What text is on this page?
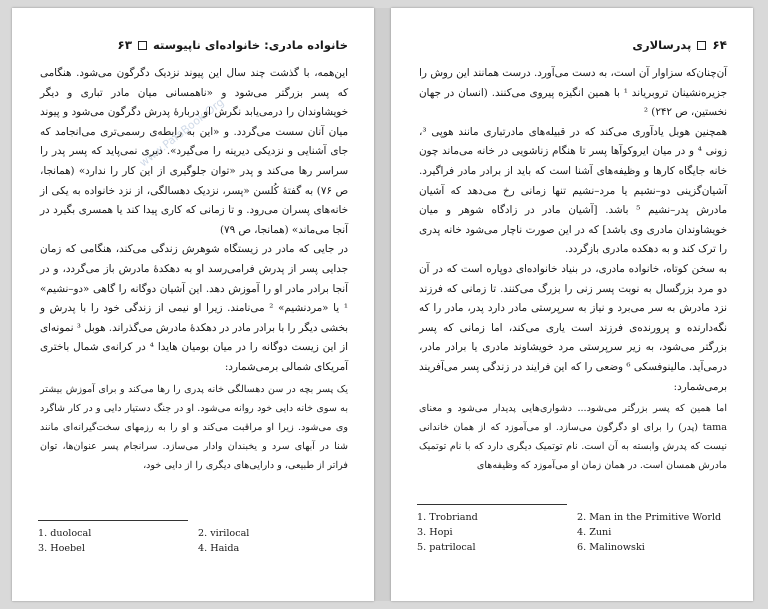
خانواده مادری: خانواده‌ای ناپیوسته
۶۳
www.ParsBook.Org

این‌همه، با گذشت چند سال این پیوند نزدیک دگرگون می‌شود. هنگامی که پسر بزرگتر می‌شود و «ناهمسانی میان مادر تباری و دیگر خویشاوندان را درمی‌یابد نگرش او دربارهٔ پدرش دگرگون می‌شود و پیوند میان آنان سست می‌گردد. و «این به رابطه‌ی رسمی‌تری می‌انجامد که جای آشنایی و نزدیکی دیرینه را می‌گیرد». دیری نمی‌پاید که پسر پدر را سراسر رها می‌کند و پدر «توان جلوگیری از این کار را ندارد» (همانجا، ص ۷۶) به گفتهٔ کُلسن «پسر، نزدیک دهسالگی، از نزد خانواده به یکی از خانه‌های پسران می‌رود. و تا زمانی که کاری پیدا کند یا همسری بگیرد در آنجا می‌ماند» (همانجا، ص ۷۹)

در جایی که مادر در زیستگاه شوهرش زندگی می‌کند، هنگامی که زمان جدایی پسر از پدرش فرامی‌رسد او به دهکدهٔ مادرش باز می‌گردد، و در آنجا برادر مادر او را آموزش دهد. این آشیان دوگانه را گاهی «دو–نشیم» ¹ یا «مردنشیم» ² می‌نامند. زیرا او نیمی از زندگی خود را با پدرش و بخشی دیگر را با برادر مادر در دهکدهٔ مادرش می‌گذراند. هوبل ³ نمونه‌ای از این زیست دوگانه را در میان بومیان هایدا ⁴ در کرانه‌ی شمال باختری آمریکای شمالی برمی‌شمارد:

یک پسر بچه در سن دهسالگی خانه پدری را رها می‌کند و برای آموزش بیشتر به سوی خانه دایی خود روانه می‌شود. او در جنگ دستیار دایی و در کار شاگرد وی می‌شود. زیرا او مراقبت می‌کند و او را به رزمهای سخت‌گیرانه‌ای مانند شنا در آبهای سرد و یخبندان وادار می‌سازد. سرانجام پسر عنوان‌ها، توان فراتر از طبیعی، و دارایی‌های دیگری را از دایی خود،

1. duolocal	2. virilocal
3. Hoebel	4. Haida
۶۴
پدرسالاری

آن‌چنان‌که سزاوار آن است، به دست می‌آورد. درست همانند این روش را جزیره‌نشینان تروبریاند ¹ با همین انگیزه پیروی می‌کنند. (انسان در جهان نخستین، ص ۲۴۲) ²

همچنین هوبل یادآوری می‌کند که در قبیله‌های مادرتباری مانند هوپی ³، زونی ⁴ و در میان ایروکوآها پسر تا هنگام زناشویی در خانه می‌ماند چون خانه جایگاه کارها و وظیفه‌های آشنا است که باید از برادر مادر فراگیرد. آشیان‌گزینی دو–نشیم یا مرد–نشیم تنها زمانی رخ می‌دهد که آشیان مادرش پدر–نشیم ⁵ باشد. [آشیان مادر در زادگاه شوهر و میان خویشاوندان مادری وی باشد] که در این صورت ناچار می‌شود خانه پدری را ترک کند و به دهکده مادری بازگردد.

به سخن کوتاه، خانواده مادری، در بنیاد خانواده‌ای دوپاره است که در آن دو مرد بزرگسال به نوبت پسر زنی را بزرگ می‌کنند. تا زمانی که فرزند نزد مادرش به سر می‌برد و نیاز به سرپرستی مادر دارد پدر، مادر را که نگه‌دارنده و پرورنده‌ی فرزند است یاری می‌کند، اما زمانی که پسر بزرگتر می‌شود، به زیر سرپرستی مرد خویشاوند مادری یا برادر مادر، درمی‌آید. مالینوفسکی ⁶ وضعی را که این فرایند در زندگی پسر می‌آفریند برمی‌شمارد:

اما همین که پسر بزرگتر می‌شود... دشواری‌هایی پدیدار می‌شود و معنای tama (پدر) را برای او دگرگون می‌سازد. او می‌آموزد که از همان خاندانی نیست که پدرش وابسته به آن است. نام توتمیک دیگری دارد که با نام توتمیک مادرش همسان است. در همان زمان او می‌آموزد که وظیفه‌های

1. Trobriand	2. Man in the Primitive World
3. Hopi	4. Zuni
5. patrilocal	6. Malinowski
